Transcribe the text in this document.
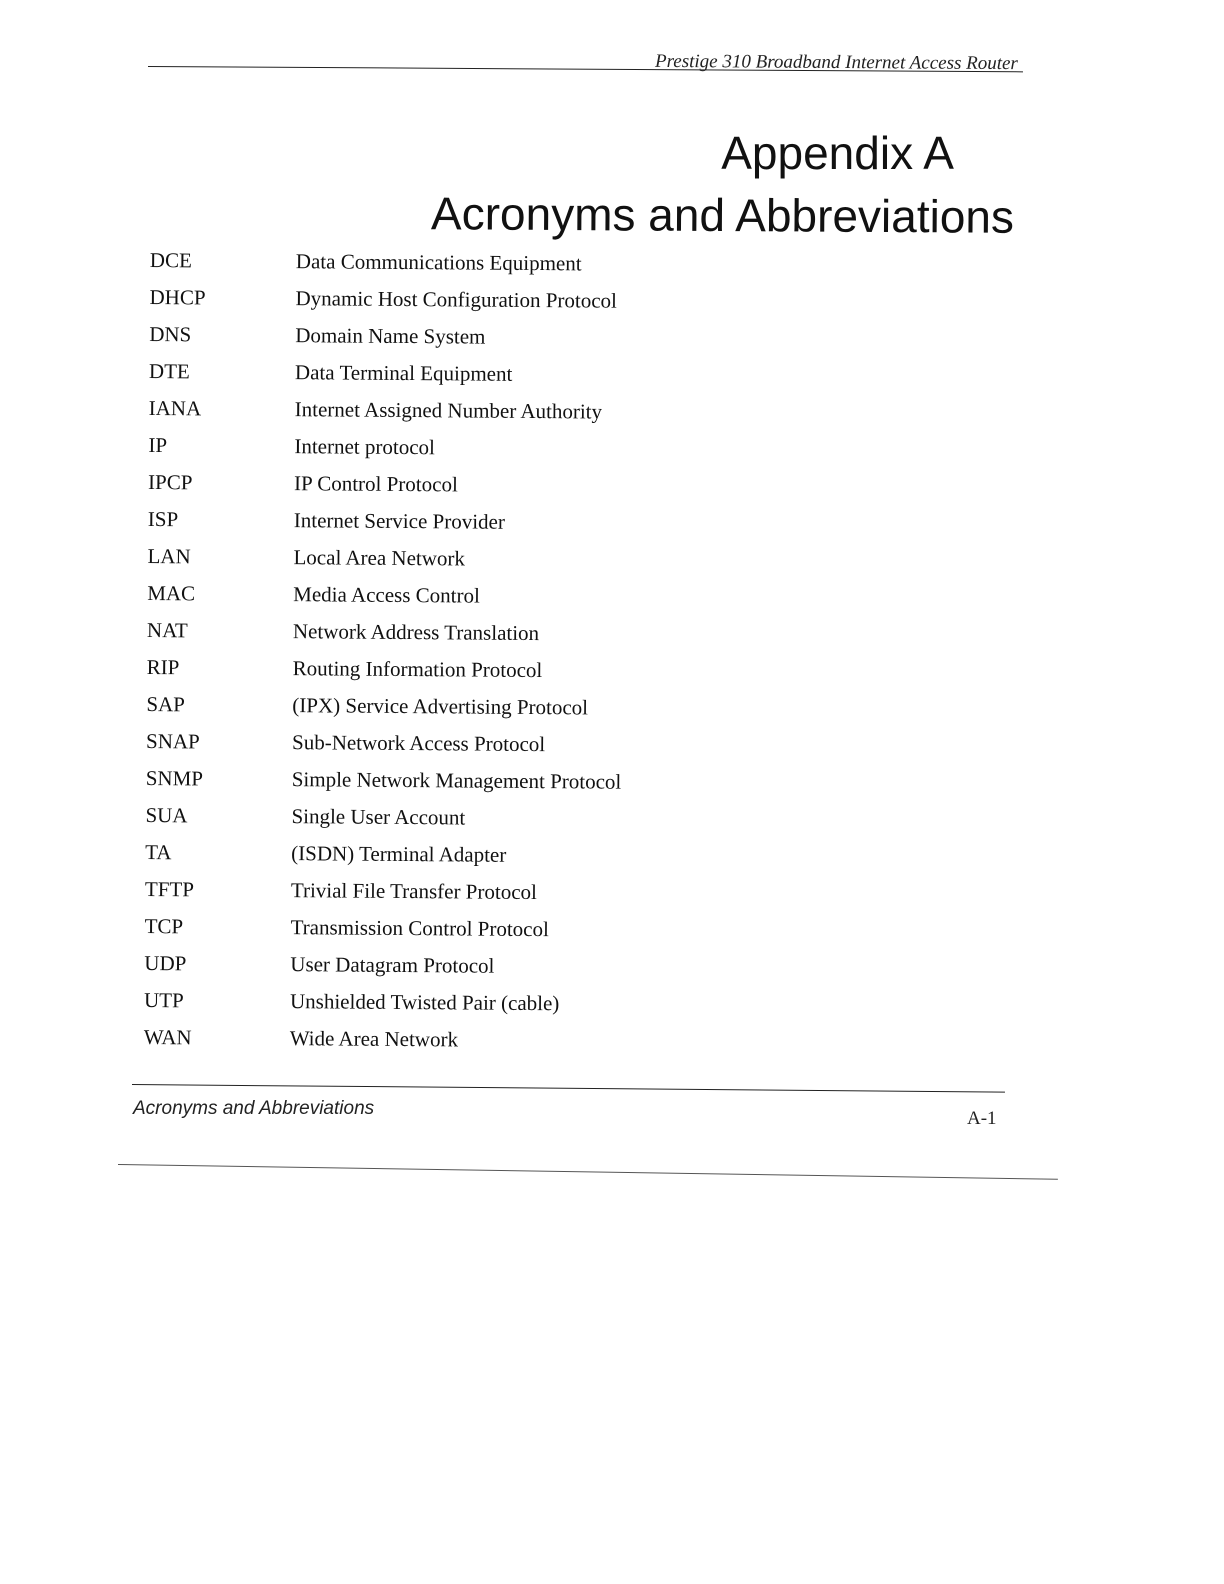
Prestige 310 Broadband Internet Access Router
Appendix A
Acronyms and Abbreviations
DCE	Data Communications Equipment
DHCP	Dynamic Host Configuration Protocol
DNS	Domain Name System
DTE	Data Terminal Equipment
IANA	Internet Assigned Number Authority
IP	Internet protocol
IPCP	IP Control Protocol
ISP	Internet Service Provider
LAN	Local Area Network
MAC	Media Access Control
NAT	Network Address Translation
RIP	Routing Information Protocol
SAP	(IPX) Service Advertising Protocol
SNAP	Sub-Network Access Protocol
SNMP	Simple Network Management Protocol
SUA	Single User Account
TA	(ISDN) Terminal Adapter
TFTP	Trivial File Transfer Protocol
TCP	Transmission Control Protocol
UDP	User Datagram Protocol
UTP	Unshielded Twisted Pair (cable)
WAN	Wide Area Network
Acronyms and Abbreviations	A-1
